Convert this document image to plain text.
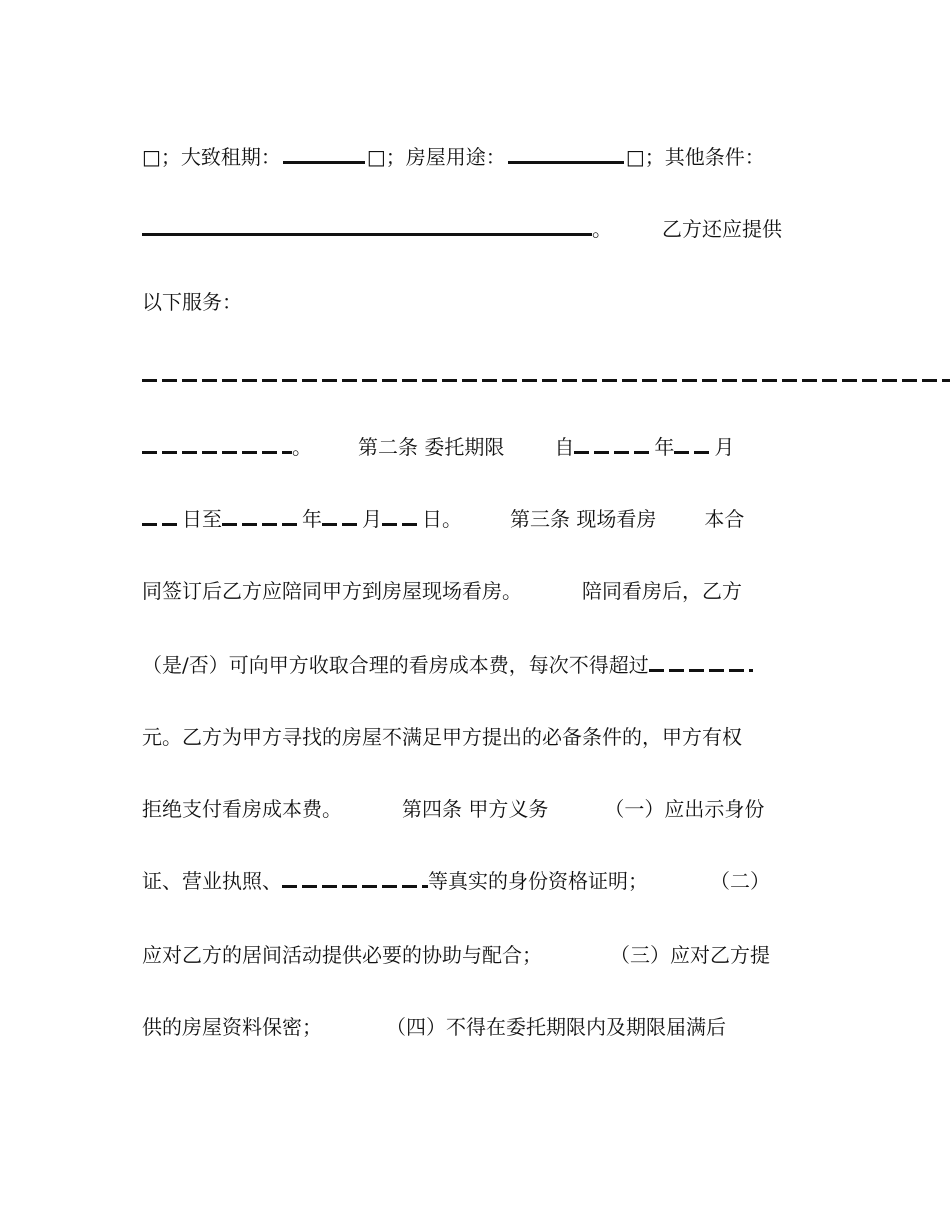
□；大致租期：	□；房屋用途：	□；其他条件：
。	乙方还应提供
以下服务：
。 第二条 委托期限	自	年 月
日至	年 月 日。 第三条 现场看房 本合
同签订后乙方应陪同甲方到房屋现场看房。	陪同看房后，乙方
（是/否）可向甲方收取合理的看房成本费，每次不得超过
元。乙方为甲方寻找的房屋不满足甲方提出的必备条件的，甲方有权
拒绝支付看房成本费。	第四条 甲方义务	（一）应出示身份
证、营业执照、	等真实的身份资格证明；	（二）
应对乙方的居间活动提供必要的协助与配合；	（三）应对乙方提
供的房屋资料保密；	（四）不得在委托期限内及期限届满后
